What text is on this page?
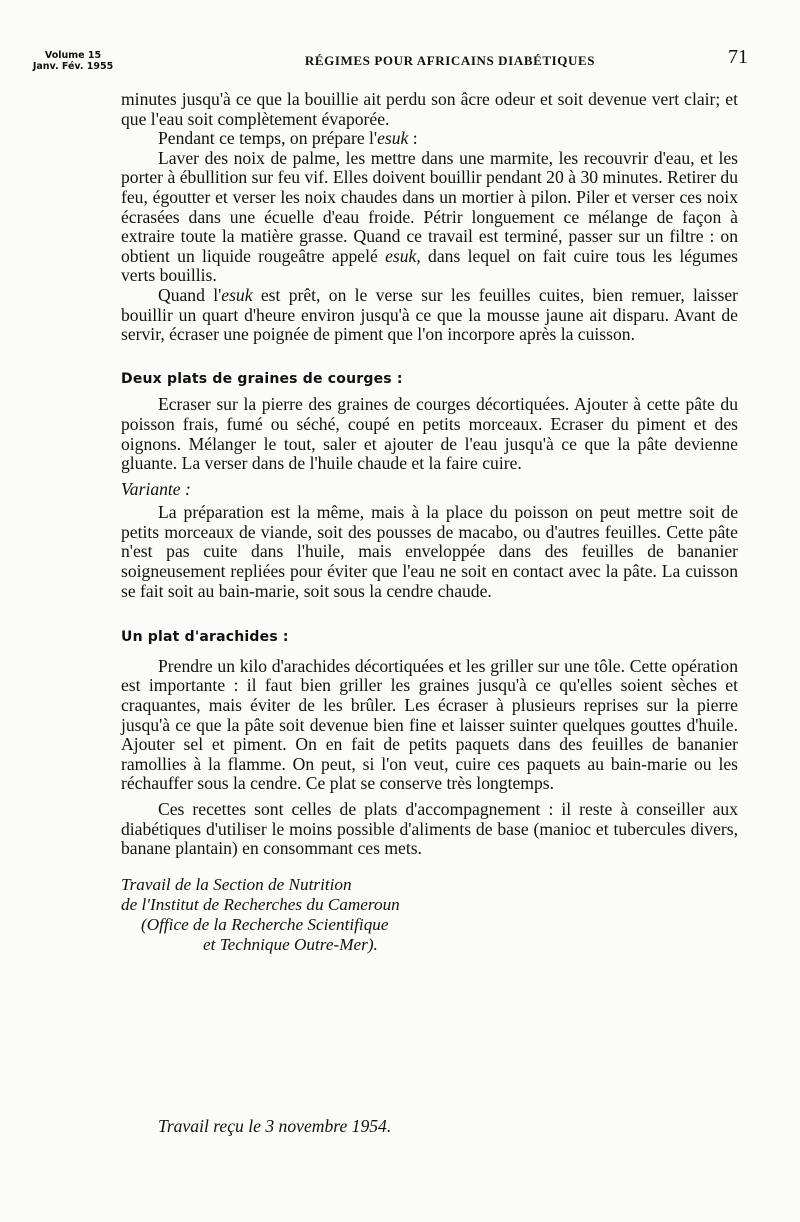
Volume 15
Janv. Fév. 1955	RÉGIMES POUR AFRICAINS DIABÉTIQUES	71

minutes jusqu'à ce que la bouillie ait perdu son âcre odeur et soit devenue vert clair; et que l'eau soit complètement évaporée.

Pendant ce temps, on prépare l'esuk :

Laver des noix de palme, les mettre dans une marmite, les recouvrir d'eau, et les porter à ébullition sur feu vif. Elles doivent bouillir pendant 20 à 30 minutes. Retirer du feu, égoutter et verser les noix chaudes dans un mortier à pilon. Piler et verser ces noix écrasées dans une écuelle d'eau froide. Pétrir longuement ce mélange de façon à extraire toute la matière grasse. Quand ce travail est terminé, passer sur un filtre : on obtient un liquide rougeâtre appelé esuk, dans lequel on fait cuire tous les légumes verts bouillis.

Quand l'esuk est prêt, on le verse sur les feuilles cuites, bien remuer, laisser bouillir un quart d'heure environ jusqu'à ce que la mousse jaune ait disparu. Avant de servir, écraser une poignée de piment que l'on incorpore après la cuisson.

Deux plats de graines de courges :

Ecraser sur la pierre des graines de courges décortiquées. Ajouter à cette pâte du poisson frais, fumé ou séché, coupé en petits morceaux. Ecraser du piment et des oignons. Mélanger le tout, saler et ajouter de l'eau jusqu'à ce que la pâte devienne gluante. La verser dans de l'huile chaude et la faire cuire.

Variante :

La préparation est la même, mais à la place du poisson on peut mettre soit de petits morceaux de viande, soit des pousses de macabo, ou d'autres feuilles. Cette pâte n'est pas cuite dans l'huile, mais enveloppée dans des feuilles de bananier soigneusement repliées pour éviter que l'eau ne soit en contact avec la pâte. La cuisson se fait soit au bain-marie, soit sous la cendre chaude.

Un plat d'arachides :

Prendre un kilo d'arachides décortiquées et les griller sur une tôle. Cette opération est importante : il faut bien griller les graines jusqu'à ce qu'elles soient sèches et craquantes, mais éviter de les brûler. Les écraser à plusieurs reprises sur la pierre jusqu'à ce que la pâte soit devenue bien fine et laisser suinter quelques gouttes d'huile. Ajouter sel et piment. On en fait de petits paquets dans des feuilles de bananier ramollies à la flamme. On peut, si l'on veut, cuire ces paquets au bain-marie ou les réchauffer sous la cendre. Ce plat se conserve très longtemps.

Ces recettes sont celles de plats d'accompagnement : il reste à conseiller aux diabétiques d'utiliser le moins possible d'aliments de base (manioc et tubercules divers, banane plantain) en consommant ces mets.

Travail de la Section de Nutrition
de l'Institut de Recherches du Cameroun
(Office de la Recherche Scientifique
et Technique Outre-Mer).

Travail reçu le 3 novembre 1954.
